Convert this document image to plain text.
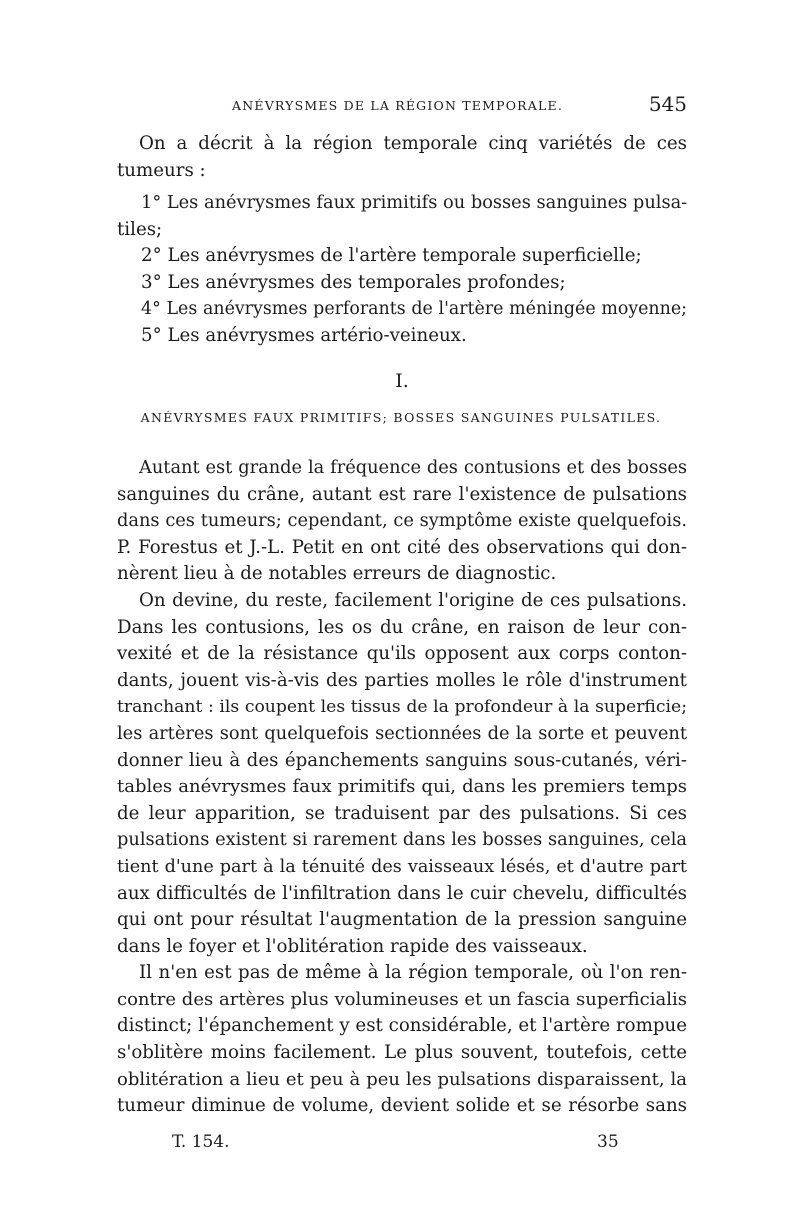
ANÉVRYSMES DE LA RÉGION TEMPORALE.	545
On a décrit à la région temporale cinq variétés de ces
tumeurs :
1° Les anévrysmes faux primitifs ou bosses sanguines pulsa-
tiles;
2° Les anévrysmes de l'artère temporale superficielle;
3° Les anévrysmes des temporales profondes;
4° Les anévrysmes perforants de l'artère méningée moyenne;
5° Les anévrysmes artério-veineux.
I.
ANÉVRYSMES FAUX PRIMITIFS; BOSSES SANGUINES PULSATILES.
Autant est grande la fréquence des contusions et des bosses
sanguines du crâne, autant est rare l'existence de pulsations
dans ces tumeurs; cependant, ce symptôme existe quelquefois.
P. Forestus et J.-L. Petit en ont cité des observations qui don-
nèrent lieu à de notables erreurs de diagnostic.
On devine, du reste, facilement l'origine de ces pulsations.
Dans les contusions, les os du crâne, en raison de leur con-
vexité et de la résistance qu'ils opposent aux corps conton-
dants, jouent vis-à-vis des parties molles le rôle d'instrument
tranchant : ils coupent les tissus de la profondeur à la superficie;
les artères sont quelquefois sectionnées de la sorte et peuvent
donner lieu à des épanchements sanguins sous-cutanés, véri-
tables anévrysmes faux primitifs qui, dans les premiers temps
de leur apparition, se traduisent par des pulsations. Si ces
pulsations existent si rarement dans les bosses sanguines, cela
tient d'une part à la ténuité des vaisseaux lésés, et d'autre part
aux difficultés de l'infiltration dans le cuir chevelu, difficultés
qui ont pour résultat l'augmentation de la pression sanguine
dans le foyer et l'oblitération rapide des vaisseaux.
Il n'en est pas de même à la région temporale, où l'on ren-
contre des artères plus volumineuses et un fascia superficialis
distinct; l'épanchement y est considérable, et l'artère rompue
s'oblitère moins facilement. Le plus souvent, toutefois, cette
oblitération a lieu et peu à peu les pulsations disparaissent, la
tumeur diminue de volume, devient solide et se résorbe sans
T. 154.	35
